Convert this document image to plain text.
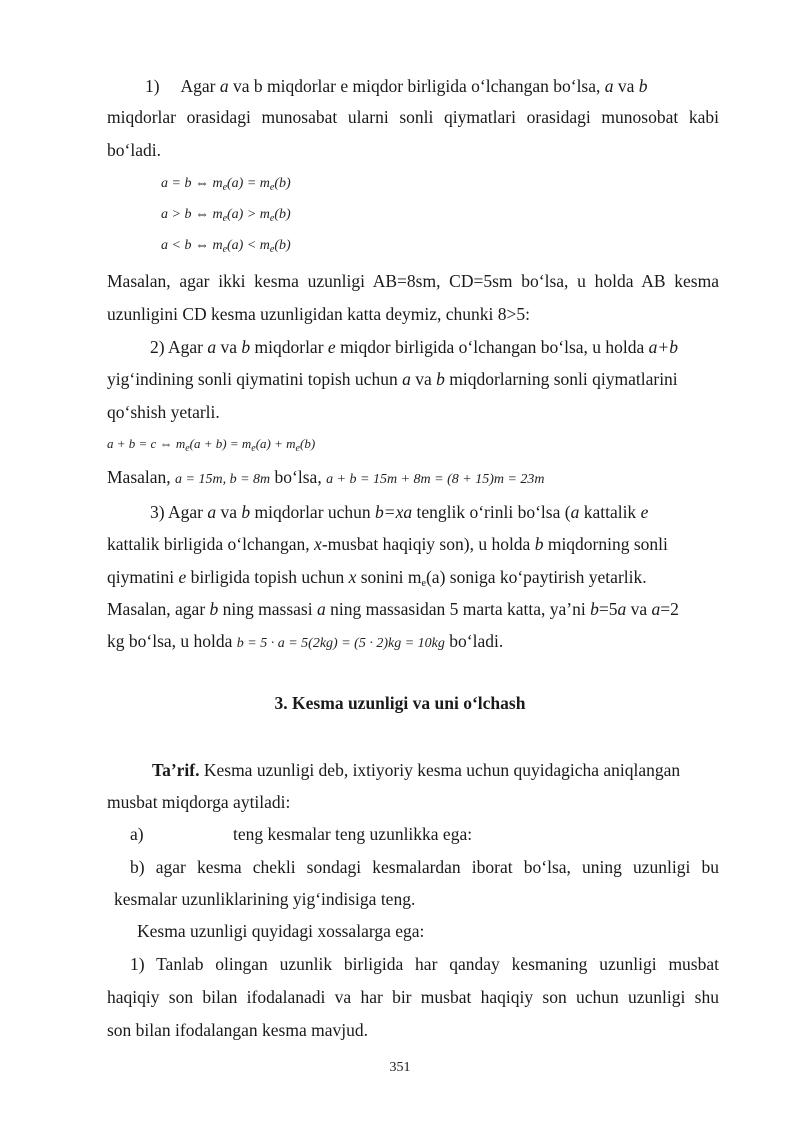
1) Agar a va b miqdorlar e miqdor birligida o‘lchangan bo‘lsa, a va b
miqdorlar orasidagi munosabat ularni sonli qiymatlari orasidagi munosobat kabi
bo‘ladi.
a = b ⇔ $m_e(a) = m_e(b)$
a > b ⇔ $m_e(a) > m_e(b)$
a < b ⇔ $m_e(a) < m_e(b)$
Masalan, agar ikki kesma uzunligi AB=8sm, CD=5sm bo‘lsa, u holda AB kesma
uzunligini CD kesma uzunligidan katta deymiz, chunki 8>5:
2) Agar a va b miqdorlar e miqdor birligida o‘lchangan bo‘lsa, u holda a+b
yig‘indining sonli qiymatini topish uchun a va b miqdorlarning sonli qiymatlarini
qo‘shish yetarli.
a + b = c ⇔ $m_e(a + b) = m_e(a) + m_e(b)$
Masalan, a = 15m, b = 8m bo‘lsa, a + b = 15m + 8m = (8 + 15)m = 23m
3) Agar a va b miqdorlar uchun b=xa tenglik o‘rinli bo‘lsa (a kattalik e
kattalik birligida o‘lchangan, x-musbat haqiqiy son), u holda b miqdorning sonli
qiymatini e birligida topish uchun x sonini $m_e(a)$ soniga ko‘paytirish yetarlik.
Masalan, agar b ning massasi a ning massasidan 5 marta katta, ya’ni b=5a va a=2
kg bo‘lsa, u holda b = 5 · a = 5(2kg) = (5 · 2)kg = 10kg bo‘ladi.
3. Kesma uzunligi va uni o‘lchash
Ta’rif. Kesma uzunligi deb, ixtiyoriy kesma uchun quyidagicha aniqlangan
musbat miqdorga aytiladi:
a)	teng kesmalar teng uzunlikka ega:
b) agar kesma chekli sondagi kesmalardan iborat bo‘lsa, uning uzunligi bu
kesmalar uzunliklarining yig‘indisiga teng.
Kesma uzunligi quyidagi xossalarga ega:
1) Tanlab olingan uzunlik birligida har qanday kesmaning uzunligi musbat
haqiqiy son bilan ifodalanadi va har bir musbat haqiqiy son uchun uzunligi shu
son bilan ifodalangan kesma mavjud.
351
